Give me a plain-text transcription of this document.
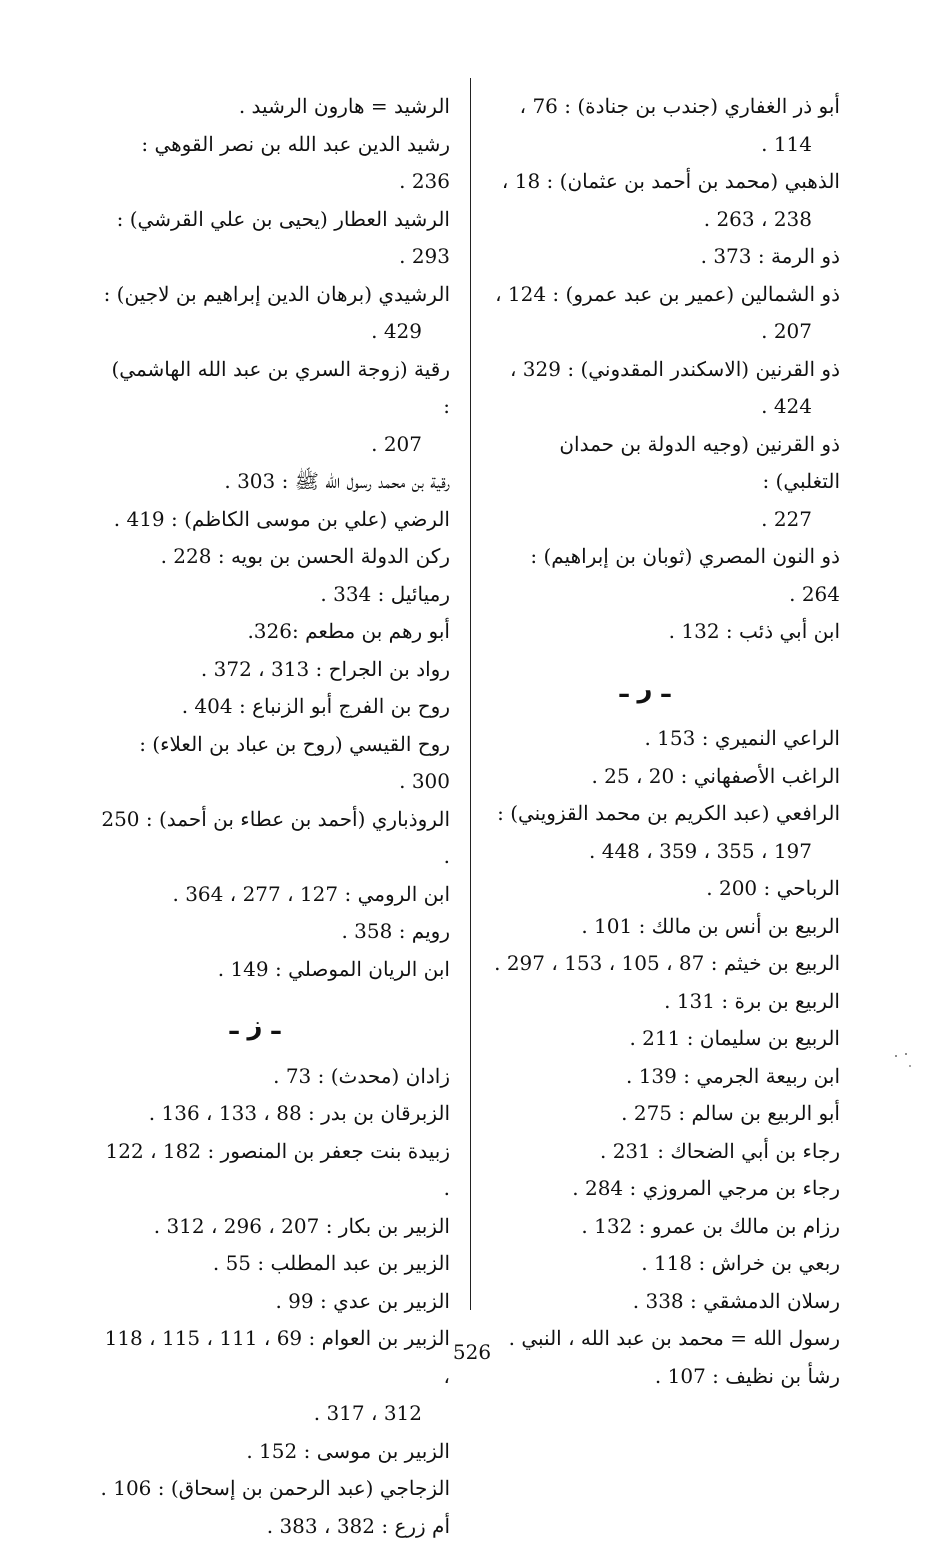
أبو ذر الغفاري (جندب بن جنادة) : 76 ،
114 .
الذهبي (محمد بن أحمد بن عثمان) : 18 ،
238 ، 263 .
ذو الرمة : 373 .
ذو الشمالين (عمير بن عبد عمرو) : 124 ،
207 .
ذو القرنين (الاسكندر المقدوني) : 329 ،
424 .
ذو القرنين (وجيه الدولة بن حمدان التغلبي) :
227 .
ذو النون المصري (ثوبان بن إبراهيم) : 264 .
ابن أبي ذئب : 132 .
ـ ر ـ
الراعي النميري : 153 .
الراغب الأصفهاني : 20 ، 25 .
الرافعي (عبد الكريم بن محمد القزويني) :
197 ، 355 ، 359 ، 448 .
الرباحي : 200 .
الربيع بن أنس بن مالك : 101 .
الربيع بن خيثم : 87 ، 105 ، 153 ، 297 .
الربيع بن برة : 131 .
الربيع بن سليمان : 211 .
ابن ربيعة الجرمي : 139 .
أبو الربيع بن سالم : 275 .
رجاء بن أبي الضحاك : 231 .
رجاء بن مرجي المروزي : 284 .
رزام بن مالك بن عمرو : 132 .
ربعي بن خراش : 118 .
رسلان الدمشقي : 338 .
رسول الله = محمد بن عبد الله ، النبي .
رشأ بن نظيف : 107 .
الرشيد = هارون الرشيد .
رشيد الدين عبد الله بن نصر القوهي : 236 .
الرشيد العطار (يحيى بن علي القرشي) : 293 .
الرشيدي (برهان الدين إبراهيم بن لاجين) :
429 .
رقية (زوجة السري بن عبد الله الهاشمي) :
207 .
رقية بن محمد رسول الله ﷺ : 303 .
الرضي (علي بن موسى الكاظم) : 419 .
ركن الدولة الحسن بن بويه : 228 .
رميائيل : 334 .
أبو رهم بن مطعم :326.
رواد بن الجراح : 313 ، 372 .
روح بن الفرج أبو الزنباع : 404 .
روح القيسي (روح بن عباد بن العلاء) : 300 .
الروذباري (أحمد بن عطاء بن أحمد) : 250 .
ابن الرومي : 127 ، 277 ، 364 .
رويم : 358 .
ابن الريان الموصلي : 149 .
ـ ز ـ
زادان (محدث) : 73 .
الزبرقان بن بدر : 88 ، 133 ، 136 .
زبيدة بنت جعفر بن المنصور : 182 ، 122 .
الزبير بن بكار : 207 ، 296 ، 312 .
الزبير بن عبد المطلب : 55 .
الزبير بن عدي : 99 .
الزبير بن العوام : 69 ، 111 ، 115 ، 118 ،
312 ، 317 .
الزبير بن موسى : 152 .
الزجاجي (عبد الرحمن بن إسحاق) : 106 .
أم زرع : 382 ، 383 .
526
